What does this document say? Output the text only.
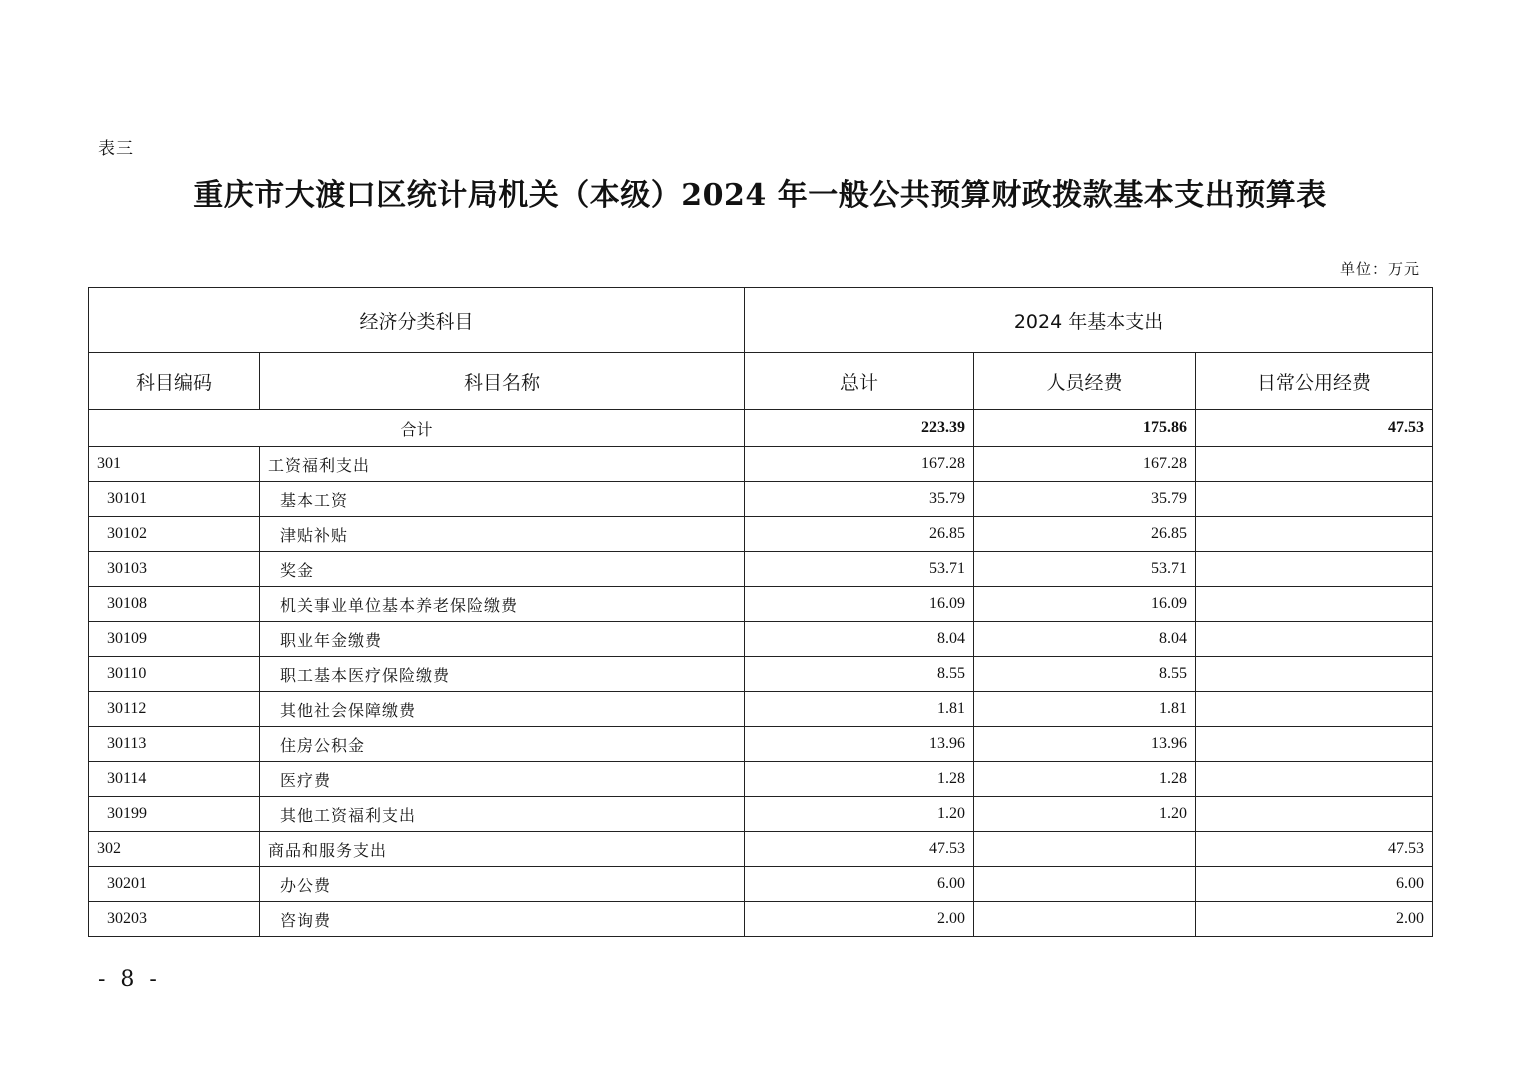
表三
重庆市大渡口区统计局机关（本级）2024 年一般公共预算财政拨款基本支出预算表
单位：万元
经济分类科目		2024 年基本支出		
科目编码	科目名称	总计	人员经费	日常公用经费
合计		223.39	175.86	47.53
301	工资福利支出	167.28	167.28	
30101	基本工资	35.79	35.79	
30102	津贴补贴	26.85	26.85	
30103	奖金	53.71	53.71	
30108	机关事业单位基本养老保险缴费	16.09	16.09	
30109	职业年金缴费	8.04	8.04	
30110	职工基本医疗保险缴费	8.55	8.55	
30112	其他社会保障缴费	1.81	1.81	
30113	住房公积金	13.96	13.96	
30114	医疗费	1.28	1.28	
30199	其他工资福利支出	1.20	1.20	
302	商品和服务支出	47.53		47.53
30201	办公费	6.00		6.00
30203	咨询费	2.00		2.00
- 8 -
